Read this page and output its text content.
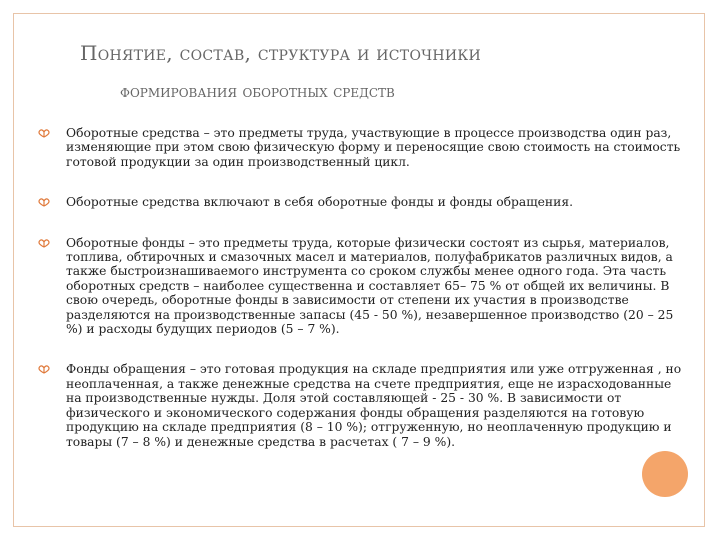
Понятие, состав, структура и источники
формирования оборотных средств
Оборотные средства – это предметы труда, участвующие в процессе производства один раз, изменяющие при этом свою физическую форму и переносящие свою стоимость на стоимость готовой продукции за один производственный цикл.
Оборотные средства включают в себя оборотные фонды и фонды обращения.
Оборотные фонды – это предметы труда, которые физически состоят из сырья, материалов, топлива, обтирочных и смазочных масел и материалов, полуфабрикатов различных видов, а также быстроизнашиваемого инструмента со сроком службы менее одного года. Эта часть оборотных средств – наиболее существенна и составляет 65– 75 % от общей их величины. В свою очередь, оборотные фонды в зависимости от степени их участия в производстве разделяются на производственные запасы (45 - 50 %), незавершенное производство (20 – 25 %) и расходы будущих периодов (5 – 7 %).
Фонды обращения – это готовая продукция на складе предприятия или уже отгруженная , но неоплаченная, а также денежные средства на счете предприятия, еще не израсходованные на производственные нужды. Доля этой составляющей - 25 - 30 %. В зависимости от физического и экономического содержания фонды обращения разделяются на готовую продукцию на складе предприятия (8 – 10 %); отгруженную, но неоплаченную продукцию и товары (7 – 8 %) и денежные средства в расчетах ( 7 – 9 %).
